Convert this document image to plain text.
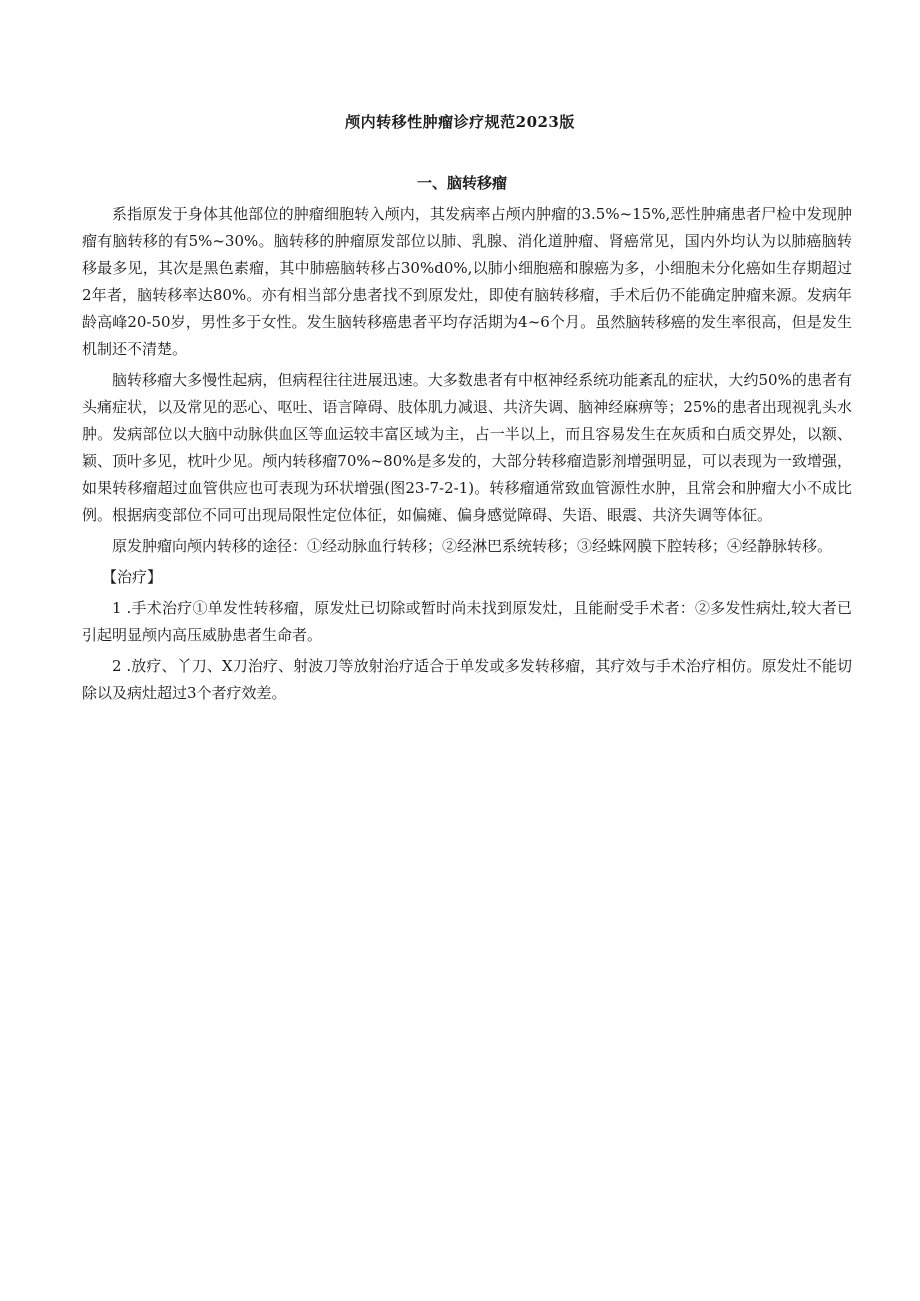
颅内转移性肿瘤诊疗规范2023版
一、脑转移瘤

系指原发于身体其他部位的肿瘤细胞转入颅内，其发病率占颅内肿瘤的3.5%~15%,恶性肿痛患者尸检中发现肿瘤有脑转移的有5%~30%。脑转移的肿瘤原发部位以肺、乳腺、消化道肿瘤、肾癌常见，国内外均认为以肺癌脑转移最多见，其次是黑色素瘤，其中肺癌脑转移占30%d0%,以肺小细胞癌和腺癌为多，小细胞未分化癌如生存期超过2年者，脑转移率达80%。亦有相当部分患者找不到原发灶，即使有脑转移瘤，手术后仍不能确定肿瘤来源。发病年龄高峰20-50岁，男性多于女性。发生脑转移癌患者平均存活期为4~6个月。虽然脑转移癌的发生率很高，但是发生机制还不清楚。

脑转移瘤大多慢性起病，但病程往往进展迅速。大多数患者有中枢神经系统功能紊乱的症状，大约50%的患者有头痛症状，以及常见的恶心、呕吐、语言障碍、肢体肌力减退、共济失调、脑神经麻痹等；25%的患者出现视乳头水肿。发病部位以大脑中动脉供血区等血运较丰富区域为主，占一半以上，而且容易发生在灰质和白质交界处，以额、颖、顶叶多见，枕叶少见。颅内转移瘤70%~80%是多发的，大部分转移瘤造影剂增强明显，可以表现为一致增强，如果转移瘤超过血管供应也可表现为环状增强(图23-7-2-1)。转移瘤通常致血管源性水肿，且常会和肿瘤大小不成比例。根据病变部位不同可出现局限性定位体征，如偏瘫、偏身感觉障碍、失语、眼震、共济失调等体征。

原发肿瘤向颅内转移的途径：①经动脉血行转移；②经淋巴系统转移；③经蛛网膜下腔转移；④经静脉转移。

【治疗】

1 .手术治疗①单发性转移瘤，原发灶已切除或暂时尚未找到原发灶，且能耐受手术者：②多发性病灶,较大者已引起明显颅内高压威胁患者生命者。

2 .放疗、丫刀、X刀治疗、射波刀等放射治疗适合于单发或多发转移瘤，其疗效与手术治疗相仿。原发灶不能切除以及病灶超过3个者疗效差。
